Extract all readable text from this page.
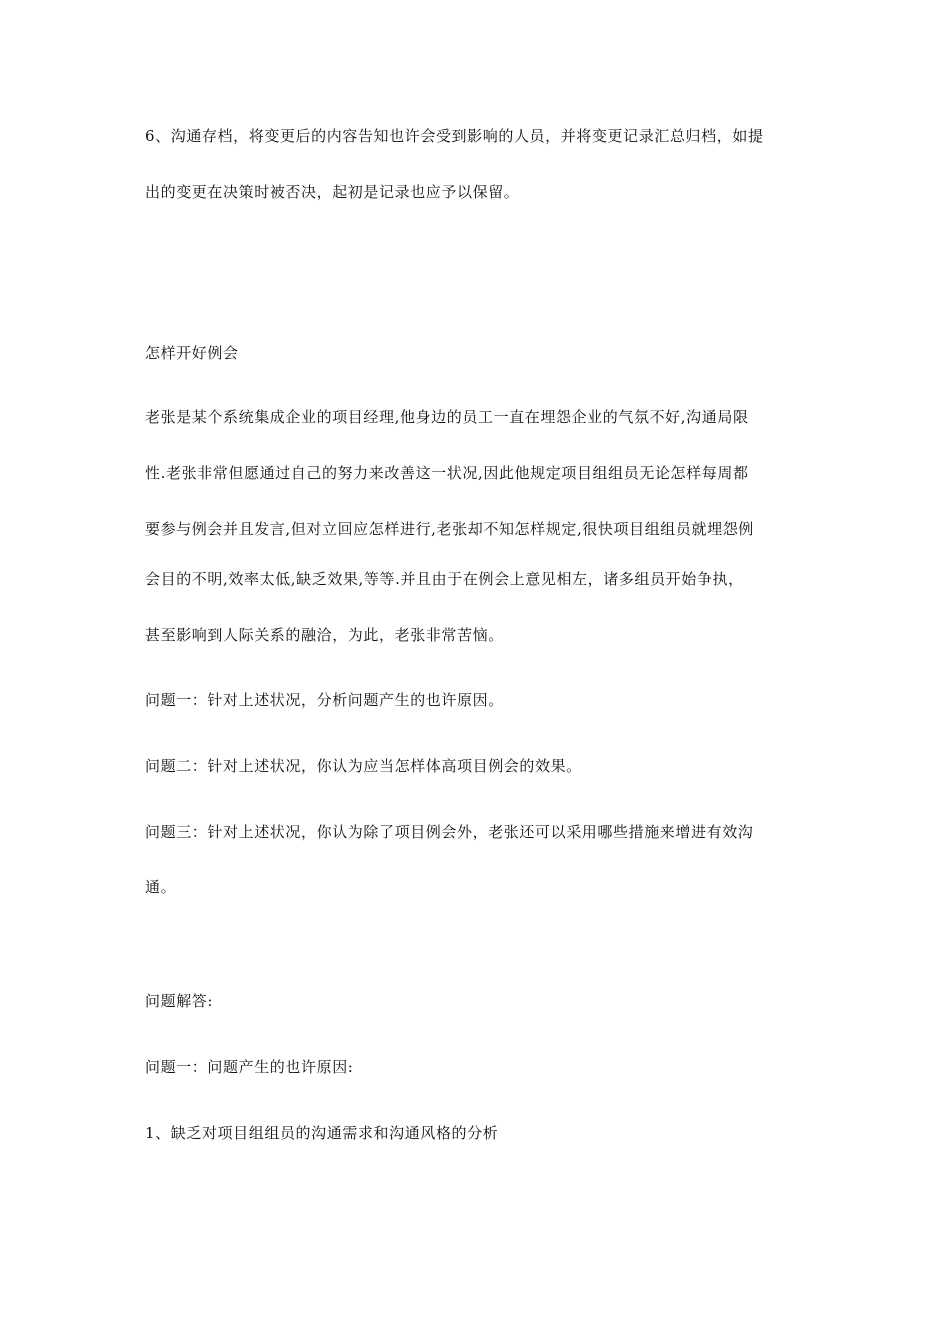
6、沟通存档，将变更后的内容告知也许会受到影响的人员，并将变更记录汇总归档，如提

出的变更在决策时被否决，起初是记录也应予以保留。

怎样开好例会

老张是某个系统集成企业的项目经理,他身边的员工一直在埋怨企业的气氛不好,沟通局限

性.老张非常但愿通过自己的努力来改善这一状况,因此他规定项目组组员无论怎样每周都

要参与例会并且发言,但对立回应怎样进行,老张却不知怎样规定,很快项目组组员就埋怨例

会目的不明,效率太低,缺乏效果,等等.并且由于在例会上意见相左，诸多组员开始争执，

甚至影响到人际关系的融洽，为此，老张非常苦恼。

问题一：针对上述状况，分析问题产生的也许原因。

问题二：针对上述状况，你认为应当怎样体高项目例会的效果。

问题三：针对上述状况，你认为除了项目例会外，老张还可以采用哪些措施来增进有效沟

通。

问题解答:

问题一：问题产生的也许原因:

1、缺乏对项目组组员的沟通需求和沟通风格的分析
